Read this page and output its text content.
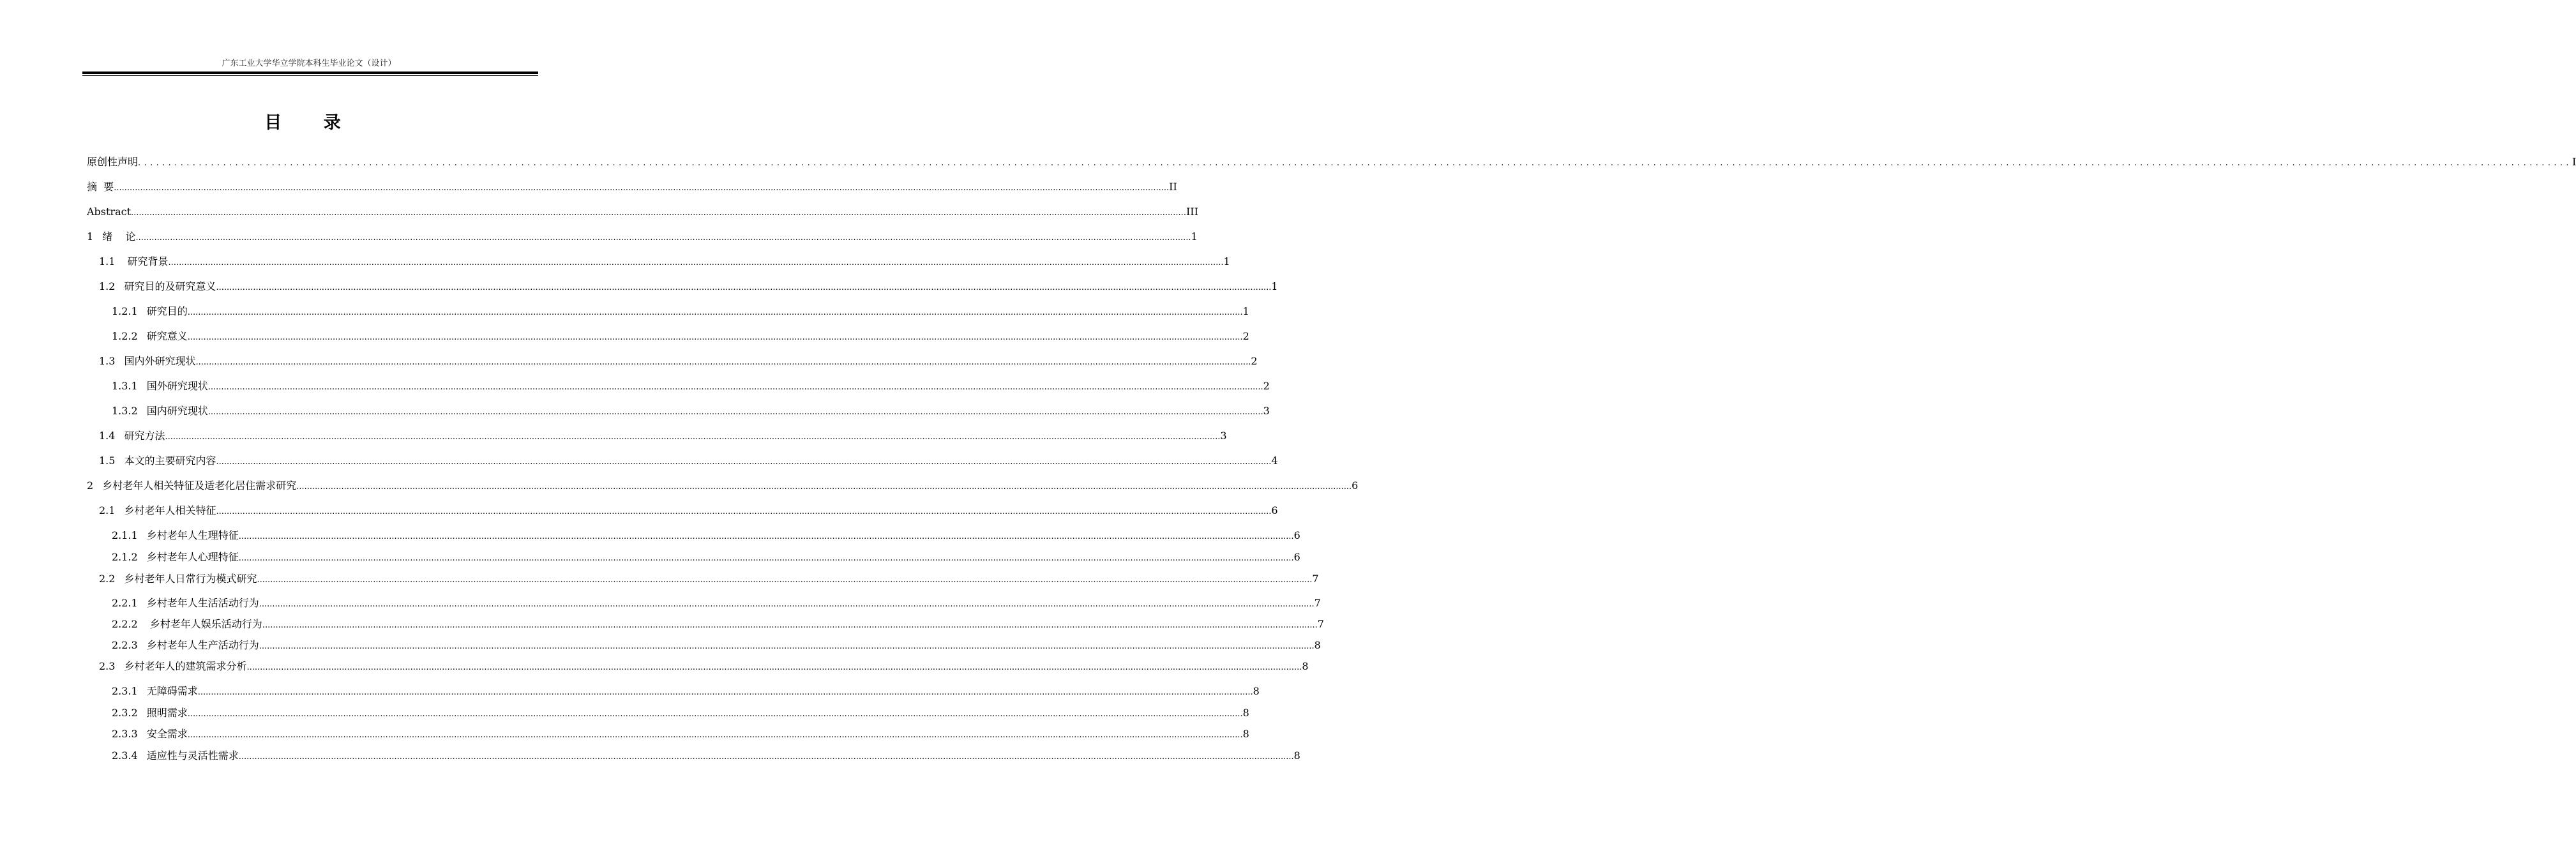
广东工业大学华立学院本科生毕业论文（设计）
目 录
原创性声明 ................................................................................................................................................................................................................................................................................................................................................................................................................ I
摘  要 ................................................................................................................................................................................................................................................................................................................................................................................................................ II
Abstract ................................................................................................................................................................................................................................................................................................................................................................................................................ III
1 绪    论 ................................................................................................................................................................................................................................................................................................................................................................................................................ 1
1.1 研究背景 ................................................................................................................................................................................................................................................................................................................................................................................................................ 1
1.2 研究目的及研究意义 ................................................................................................................................................................................................................................................................................................................................................................................................................ 1
1.2.1 研究目的 ................................................................................................................................................................................................................................................................................................................................................................................................................ 1
1.2.2 研究意义 ................................................................................................................................................................................................................................................................................................................................................................................................................ 2
1.3 国内外研究现状 ................................................................................................................................................................................................................................................................................................................................................................................................................ 2
1.3.1 国外研究现状 ................................................................................................................................................................................................................................................................................................................................................................................................................ 2
1.3.2 国内研究现状 ................................................................................................................................................................................................................................................................................................................................................................................................................ 3
1.4 研究方法 ................................................................................................................................................................................................................................................................................................................................................................................................................ 3
1.5 本文的主要研究内容 ................................................................................................................................................................................................................................................................................................................................................................................................................ 4
2 乡村老年人相关特征及适老化居住需求研究 ................................................................................................................................................................................................................................................................................................................................................................................................................ 6
2.1 乡村老年人相关特征 ................................................................................................................................................................................................................................................................................................................................................................................................................ 6
2.1.1 乡村老年人生理特征 ................................................................................................................................................................................................................................................................................................................................................................................................................ 6
2.1.2 乡村老年人心理特征 ................................................................................................................................................................................................................................................................................................................................................................................................................ 6
2.2 乡村老年人日常行为模式研究 ................................................................................................................................................................................................................................................................................................................................................................................................................ 7
2.2.1 乡村老年人生活活动行为 ................................................................................................................................................................................................................................................................................................................................................................................................................ 7
2.2.2 乡村老年人娱乐活动行为 ................................................................................................................................................................................................................................................................................................................................................................................................................ 7
2.2.3 乡村老年人生产活动行为 ................................................................................................................................................................................................................................................................................................................................................................................................................ 8
2.3 乡村老年人的建筑需求分析 ................................................................................................................................................................................................................................................................................................................................................................................................................ 8
2.3.1 无障碍需求 ................................................................................................................................................................................................................................................................................................................................................................................................................ 8
2.3.2 照明需求 ................................................................................................................................................................................................................................................................................................................................................................................................................ 8
2.3.3 安全需求 ................................................................................................................................................................................................................................................................................................................................................................................................................ 8
2.3.4 适应性与灵活性需求 ................................................................................................................................................................................................................................................................................................................................................................................................................ 8
